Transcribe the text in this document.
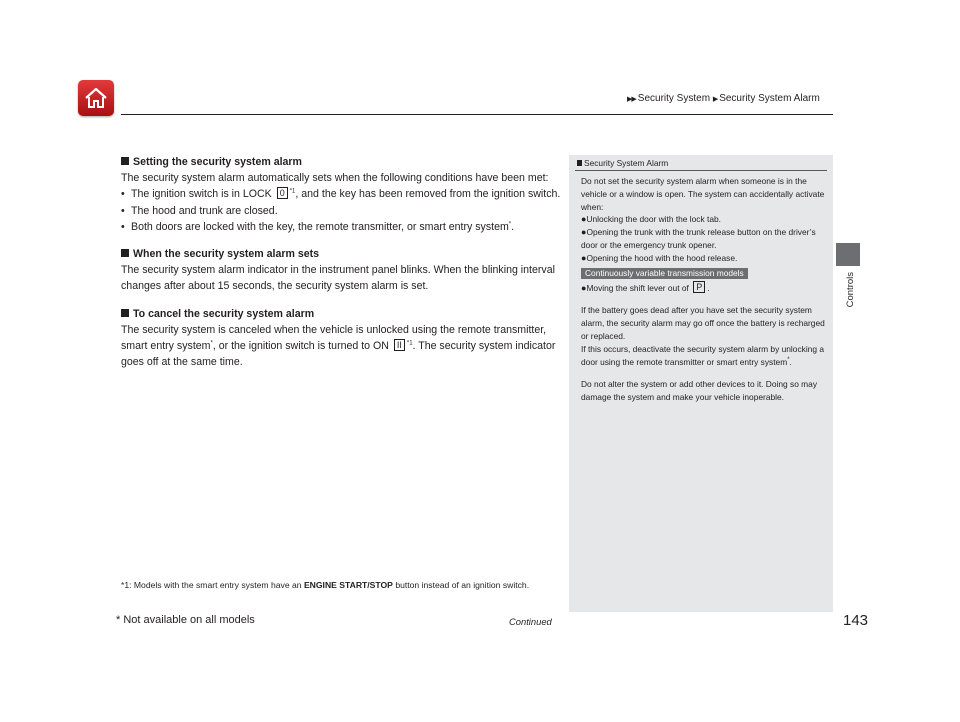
▶▶ Security System ▶ Security System Alarm
Controls
Setting the security system alarm

The security system alarm automatically sets when the following conditions have been met:

• The ignition switch is in LOCK 0 $^{*1}$, and the key has been removed from the ignition switch.
• The hood and trunk are closed.
• Both doors are locked with the key, the remote transmitter, or smart entry system*.
When the security system alarm sets

The security system alarm indicator in the instrument panel blinks. When the blinking interval changes after about 15 seconds, the security system alarm is set.

To cancel the security system alarm

The security system is canceled when the vehicle is unlocked using the remote transmitter, smart entry system*, or the ignition switch is turned to ON II $^{*1}$. The security system indicator goes off at the same time.

*1: Models with the smart entry system have an ENGINE START/STOP button instead of an ignition switch.
Security System Alarm

Do not set the security system alarm when someone is in the vehicle or a window is open. The system can accidentally activate when:

●Unlocking the door with the lock tab.

●Opening the trunk with the trunk release button on the driver’s door or the emergency trunk opener.

●Opening the hood with the hood release.

Continuously variable transmission models

●Moving the shift lever out of P .

If the battery goes dead after you have set the security system alarm, the security alarm may go off once the battery is recharged or replaced.

If this occurs, deactivate the security system alarm by unlocking a door using the remote transmitter or smart entry system*.

Do not alter the system or add other devices to it. Doing so may damage the system and make your vehicle inoperable.

* Not available on all models	Continued	143
